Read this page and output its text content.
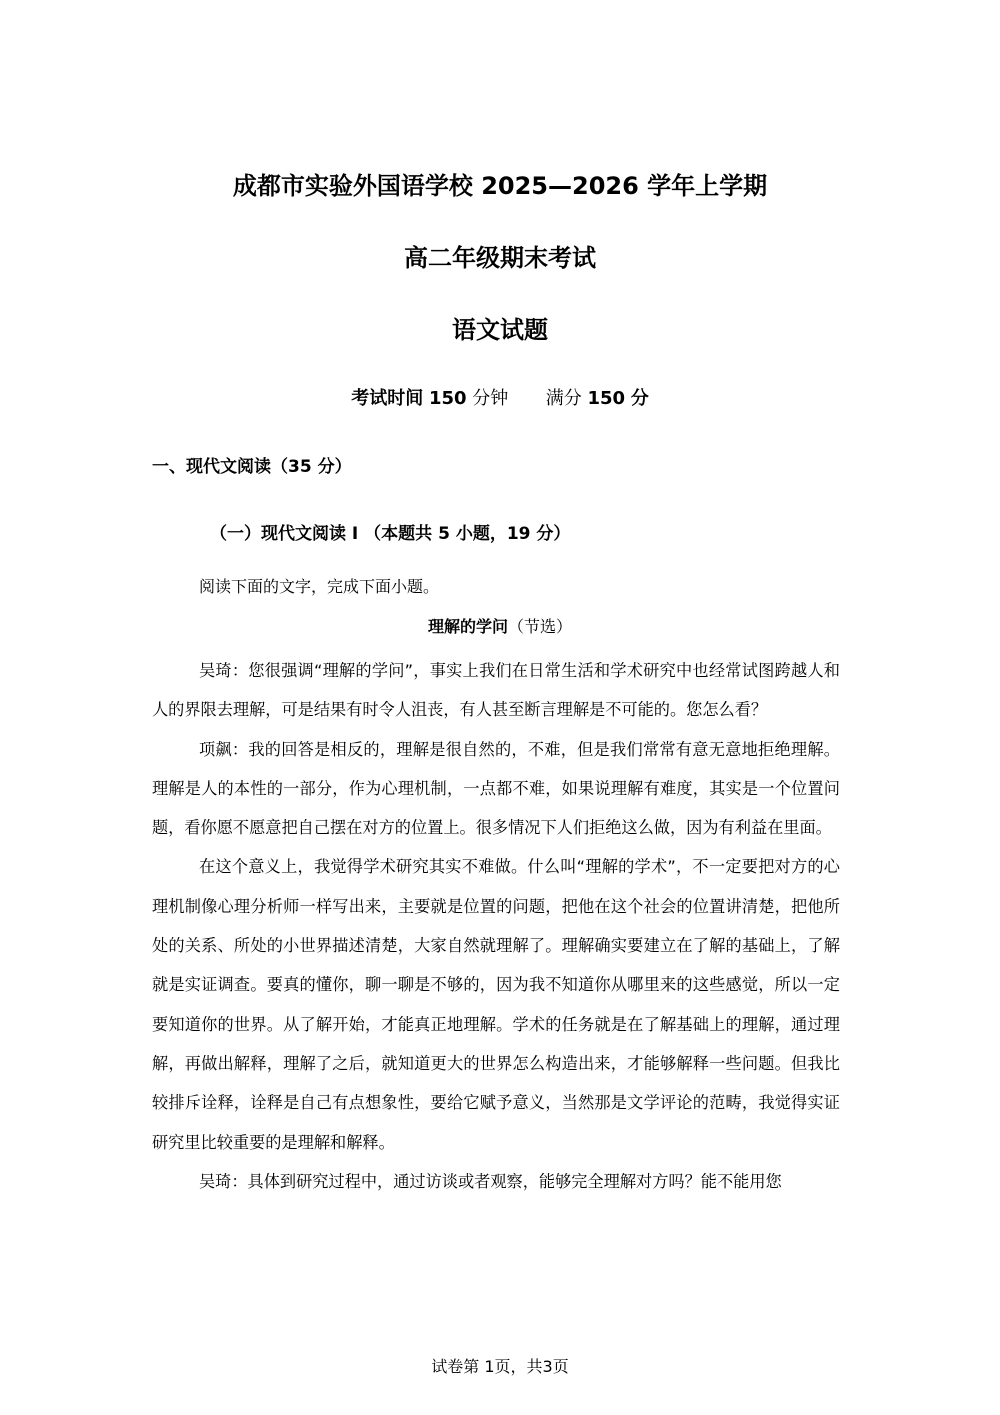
成都市实验外国语学校 2025—2026 学年上学期
高二年级期末考试
语文试题
考试时间 150 分钟 满分 150 分
一、现代文阅读（35 分）
（一）现代文阅读 I （本题共 5 小题，19 分）
阅读下面的文字，完成下面小题。
理解的学问（节选）

吴琦：您很强调“理解的学问”，事实上我们在日常生活和学术研究中也经常试图跨越人和人的界限去理解，可是结果有时令人沮丧，有人甚至断言理解是不可能的。您怎么看？

项飙：我的回答是相反的，理解是很自然的，不难，但是我们常常有意无意地拒绝理解。理解是人的本性的一部分，作为心理机制，一点都不难，如果说理解有难度，其实是一个位置问题，看你愿不愿意把自己摆在对方的位置上。很多情况下人们拒绝这么做，因为有利益在里面。

在这个意义上，我觉得学术研究其实不难做。什么叫“理解的学术”，不一定要把对方的心理机制像心理分析师一样写出来，主要就是位置的问题，把他在这个社会的位置讲清楚，把他所处的关系、所处的小世界描述清楚，大家自然就理解了。理解确实要建立在了解的基础上，了解就是实证调查。要真的懂你，聊一聊是不够的，因为我不知道你从哪里来的这些感觉，所以一定要知道你的世界。从了解开始，才能真正地理解。学术的任务就是在了解基础上的理解，通过理解，再做出解释，理解了之后，就知道更大的世界怎么构造出来，才能够解释一些问题。但我比较排斥诠释，诠释是自己有点想象性，要给它赋予意义，当然那是文学评论的范畴，我觉得实证研究里比较重要的是理解和解释。

吴琦：具体到研究过程中，通过访谈或者观察，能够完全理解对方吗？能不能用您

试卷第 1页，共3页
